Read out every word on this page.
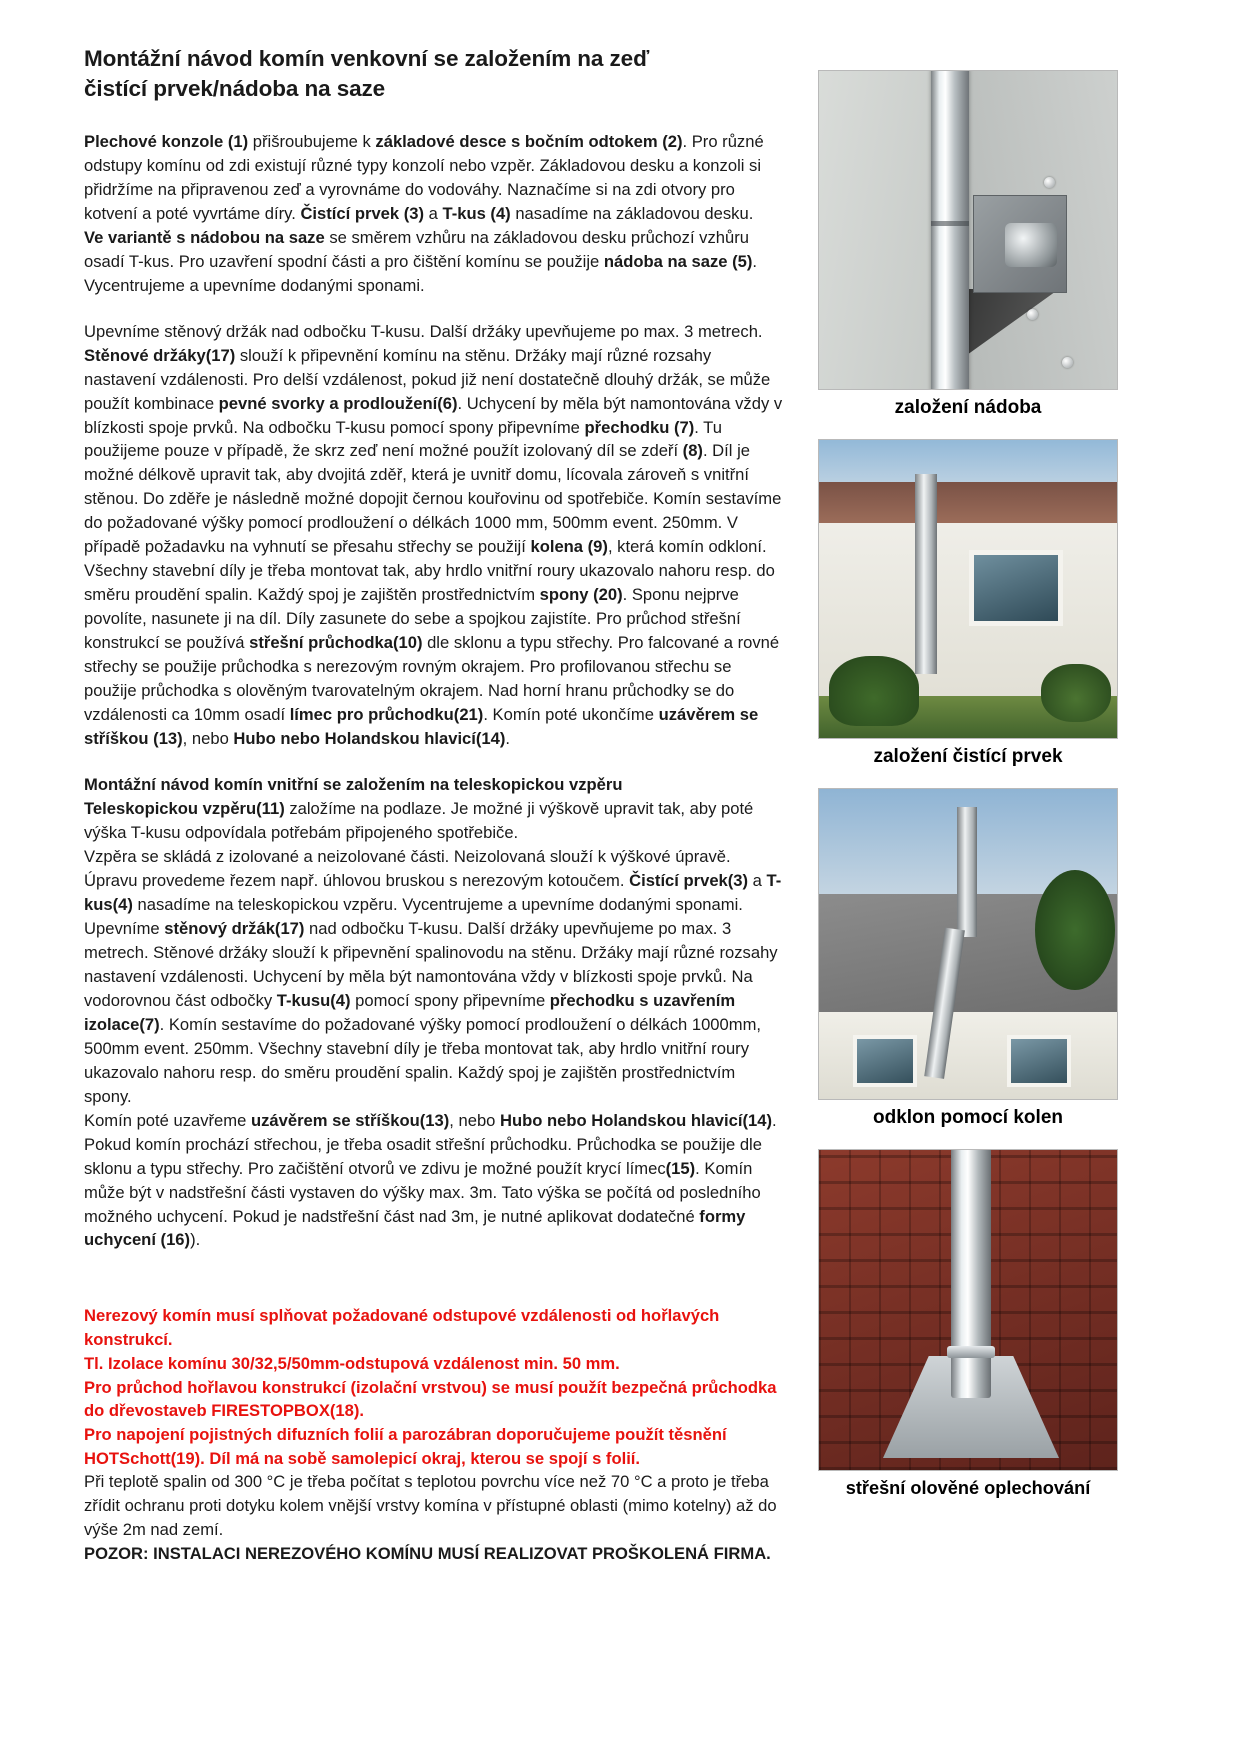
Montážní návod komín venkovní se založením na zeď
čistící prvek/nádoba na saze

Plechové konzole (1) přišroubujeme k základové desce s bočním odtokem (2). Pro různé odstupy komínu od zdi existují různé typy konzolí nebo vzpěr. Základovou desku a konzoli si přidržíme na připravenou zeď a vyrovnáme do vodováhy. Naznačíme si na zdi otvory pro kotvení a poté vyvrtáme díry. Čistící prvek (3) a T-kus (4) nasadíme na základovou desku.

Ve variantě s nádobou na saze se směrem vzhůru na základovou desku průchozí vzhůru osadí T-kus. Pro uzavření spodní části a pro čištění komínu se použije nádoba na saze (5). Vycentrujeme a upevníme dodanými sponami.

Upevníme stěnový držák nad odbočku T-kusu. Další držáky upevňujeme po max. 3 metrech. Stěnové držáky(17) slouží k připevnění komínu na stěnu. Držáky mají různé rozsahy nastavení vzdálenosti. Pro delší vzdálenost, pokud již není dostatečně dlouhý držák, se může použít kombinace pevné svorky a prodloužení(6). Uchycení by měla být namontována vždy v blízkosti spoje prvků. Na odbočku T-kusu pomocí spony připevníme přechodku (7). Tu použijeme pouze v případě, že skrz zeď není možné použít izolovaný díl se zdeří (8). Díl je možné délkově upravit tak, aby dvojitá zděř, která je uvnitř domu, lícovala zároveň s vnitřní stěnou. Do zděře je následně možné dopojit černou kouřovinu od spotřebiče. Komín sestavíme do požadované výšky pomocí prodloužení o délkách 1000 mm, 500mm event. 250mm. V případě požadavku na vyhnutí se přesahu střechy se použijí kolena (9), která komín odkloní. Všechny stavební díly je třeba montovat tak, aby hrdlo vnitřní roury ukazovalo nahoru resp. do směru proudění spalin. Každý spoj je zajištěn prostřednictvím spony (20). Sponu nejprve povolíte, nasunete ji na díl. Díly zasunete do sebe a spojkou zajistíte. Pro průchod střešní konstrukcí se používá střešní průchodka(10) dle sklonu a typu střechy. Pro falcované a rovné střechy se použije průchodka s nerezovým rovným okrajem. Pro profilovanou střechu se použije průchodka s olověným tvarovatelným okrajem. Nad horní hranu průchodky se do vzdálenosti ca 10mm osadí límec pro průchodku(21). Komín poté ukončíme uzávěrem se stříškou (13), nebo Hubo nebo Holandskou hlavicí(14).

Montážní návod komín vnitřní se založením na teleskopickou vzpěru

Teleskopickou vzpěru(11) založíme na podlaze. Je možné ji výškově upravit tak, aby poté výška T-kusu odpovídala potřebám připojeného spotřebiče.

Vzpěra se skládá z izolované a neizolované části. Neizolovaná slouží k výškové úpravě. Úpravu provedeme řezem např. úhlovou bruskou s nerezovým kotoučem. Čistící prvek(3) a T-kus(4) nasadíme na teleskopickou vzpěru. Vycentrujeme a upevníme dodanými sponami. Upevníme stěnový držák(17) nad odbočku T-kusu. Další držáky upevňujeme po max. 3 metrech. Stěnové držáky slouží k připevnění spalinovodu na stěnu. Držáky mají různé rozsahy nastavení vzdálenosti. Uchycení by měla být namontována vždy v blízkosti spoje prvků. Na vodorovnou část odbočky T-kusu(4) pomocí spony připevníme přechodku s uzavřením izolace(7). Komín sestavíme do požadované výšky pomocí prodloužení o délkách 1000mm, 500mm event. 250mm. Všechny stavební díly je třeba montovat tak, aby hrdlo vnitřní roury ukazovalo nahoru resp. do směru proudění spalin. Každý spoj je zajištěn prostřednictvím spony.

Komín poté uzavřeme uzávěrem se stříškou(13), nebo Hubo nebo Holandskou hlavicí(14). Pokud komín prochází střechou, je třeba osadit střešní průchodku. Průchodka se použije dle sklonu a typu střechy. Pro začištění otvorů ve zdivu je možné použít krycí límec(15). Komín může být v nadstřešní části vystaven do výšky max. 3m. Tato výška se počítá od posledního možného uchycení. Pokud je nadstřešní část nad 3m, je nutné aplikovat dodatečné formy uchycení (16)).

Nerezový komín musí splňovat požadované odstupové vzdálenosti od hořlavých konstrukcí.

Tl. Izolace komínu 30/32,5/50mm-odstupová vzdálenost min. 50 mm.

Pro průchod hořlavou konstrukcí (izolační vrstvou) se musí použít bezpečná průchodka do dřevostaveb FIRESTOPBOX(18).

Pro napojení pojistných difuzních folií a parozábran doporučujeme použít těsnění HOTSchott(19). Díl má na sobě samolepicí okraj, kterou se spojí s folií.

Při teplotě spalin od 300 °C je třeba počítat s teplotou povrchu více než 70 °C a proto je třeba zřídit ochranu proti dotyku kolem vnější vrstvy komína v přístupné oblasti (mimo kotelny) až do výše 2m nad zemí.

POZOR: INSTALACI NEREZOVÉHO KOMÍNU MUSÍ REALIZOVAT PROŠKOLENÁ FIRMA.

založení nádoba
založení čistící prvek
odklon pomocí kolen
střešní olověné oplechování
